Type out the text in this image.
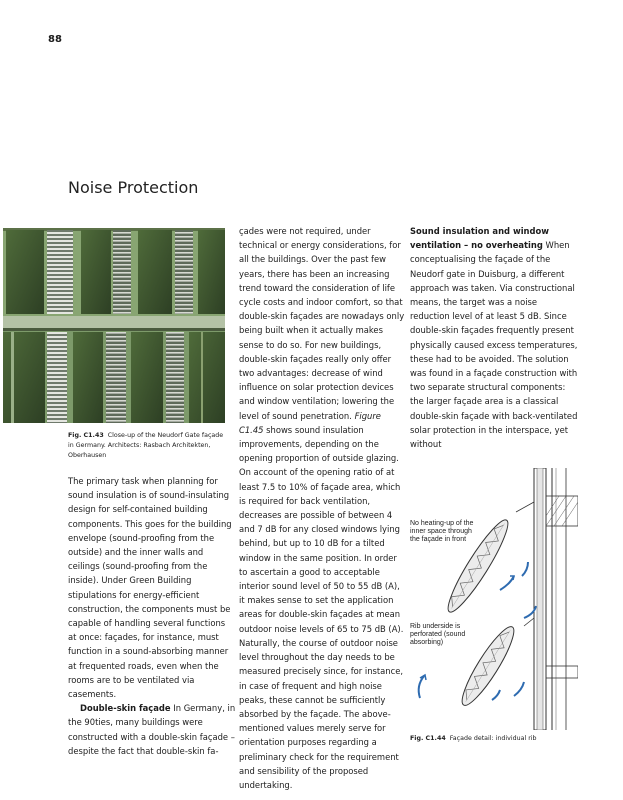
88
Noise Protection
Fig. C1.43 Close-up of the Neudorf Gate façade
in Germany. Architects: Rasbach Architekten,
Oberhausen

The primary task when planning for sound insulation is of sound-insulating design for self-contained building components. This goes for the building envelope (sound-proofing from the outside) and the inner walls and ceilings (sound-proofing from the inside). Under Green Building stipulations for energy-efficient construction, the components must be capable of handling several functions at once: façades, for instance, must function in a sound-absorbing manner at frequented roads, even when the rooms are to be ventilated via casements.

Double-skin façade In Germany, in the 90ties, many buildings were constructed with a double-skin façade – despite the fact that double-skin fa-

çades were not required, under technical or energy considerations, for all the buildings. Over the past few years, there has been an increasing trend toward the consideration of life cycle costs and indoor comfort, so that double-skin façades are nowadays only being built when it actually makes sense to do so. For new buildings, double-skin façades really only offer two advantages: decrease of wind influence on solar protection devices and window ventilation; lowering the level of sound penetration. Figure C1.45 shows sound insulation improvements, depending on the opening proportion of outside glazing. On account of the opening ratio of at least 7.5 to 10% of façade area, which is required for back ventilation, decreases are possible of between 4 and 7 dB for any closed windows lying behind, but up to 10 dB for a tilted window in the same position. In order to ascertain a good to acceptable interior sound level of 50 to 55 dB (A), it makes sense to set the application areas for double-skin façades at mean outdoor noise levels of 65 to 75 dB (A). Naturally, the course of outdoor noise level throughout the day needs to be measured precisely since, for instance, in case of frequent and high noise peaks, these cannot be sufficiently absorbed by the façade. The above-mentioned values merely serve for orientation purposes regarding a preliminary check for the requirement and sensibility of the proposed undertaking.

Sound insulation and window ventilation – no overheating When conceptualising the façade of the Neudorf gate in Duisburg, a different approach was taken. Via constructional means, the target was a noise reduction level of at least 5 dB. Since double-skin façades frequently present physically caused excess temperatures, these had to be avoided. The solution was found in a façade construction with two separate structural components: the larger façade area is a classical double-skin façade with back-ventilated solar protection in the interspace, yet without

No heating-up of the
inner space through
the façade in front
Rib underside is
perforated (sound
absorbing)
Fig. C1.44 Façade detail: individual rib
